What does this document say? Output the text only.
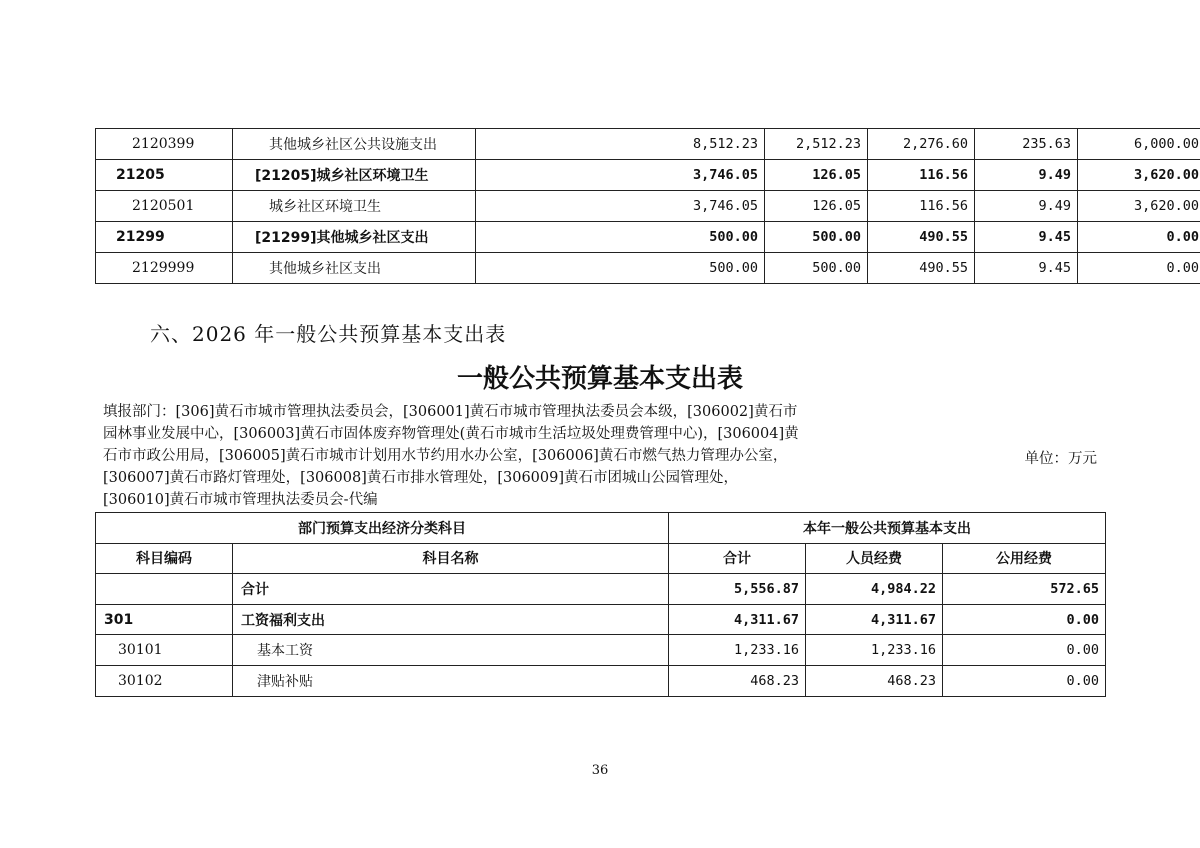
2120399	其他城乡社区公共设施支出	8,512.23	2,512.23	2,276.60	235.63	6,000.00
21205	[21205]城乡社区环境卫生	3,746.05	126.05	116.56	9.49	3,620.00
2120501	城乡社区环境卫生	3,746.05	126.05	116.56	9.49	3,620.00
21299	[21299]其他城乡社区支出	500.00	500.00	490.55	9.45	0.00
2129999	其他城乡社区支出	500.00	500.00	490.55	9.45	0.00
六、2026 年一般公共预算基本支出表
一般公共预算基本支出表
填报部门：[306]黄石市城市管理执法委员会，[306001]黄石市城市管理执法委员会本级，[306002]黄石市园林事业发展中心，[306003]黄石市固体废弃物管理处(黄石市城市生活垃圾处理费管理中心)，[306004]黄石市市政公用局，[306005]黄石市城市计划用水节约用水办公室，[306006]黄石市燃气热力管理办公室，[306007]黄石市路灯管理处，[306008]黄石市排水管理处，[306009]黄石市团城山公园管理处，[306010]黄石市城市管理执法委员会-代编
单位：万元
部门预算支出经济分类科目		本年一般公共预算基本支出		
科目编码	科目名称	合计	人员经费	公用经费
	合计	5,556.87	4,984.22	572.65
301	工资福利支出	4,311.67	4,311.67	0.00
30101	基本工资	1,233.16	1,233.16	0.00
30102	津贴补贴	468.23	468.23	0.00
36
